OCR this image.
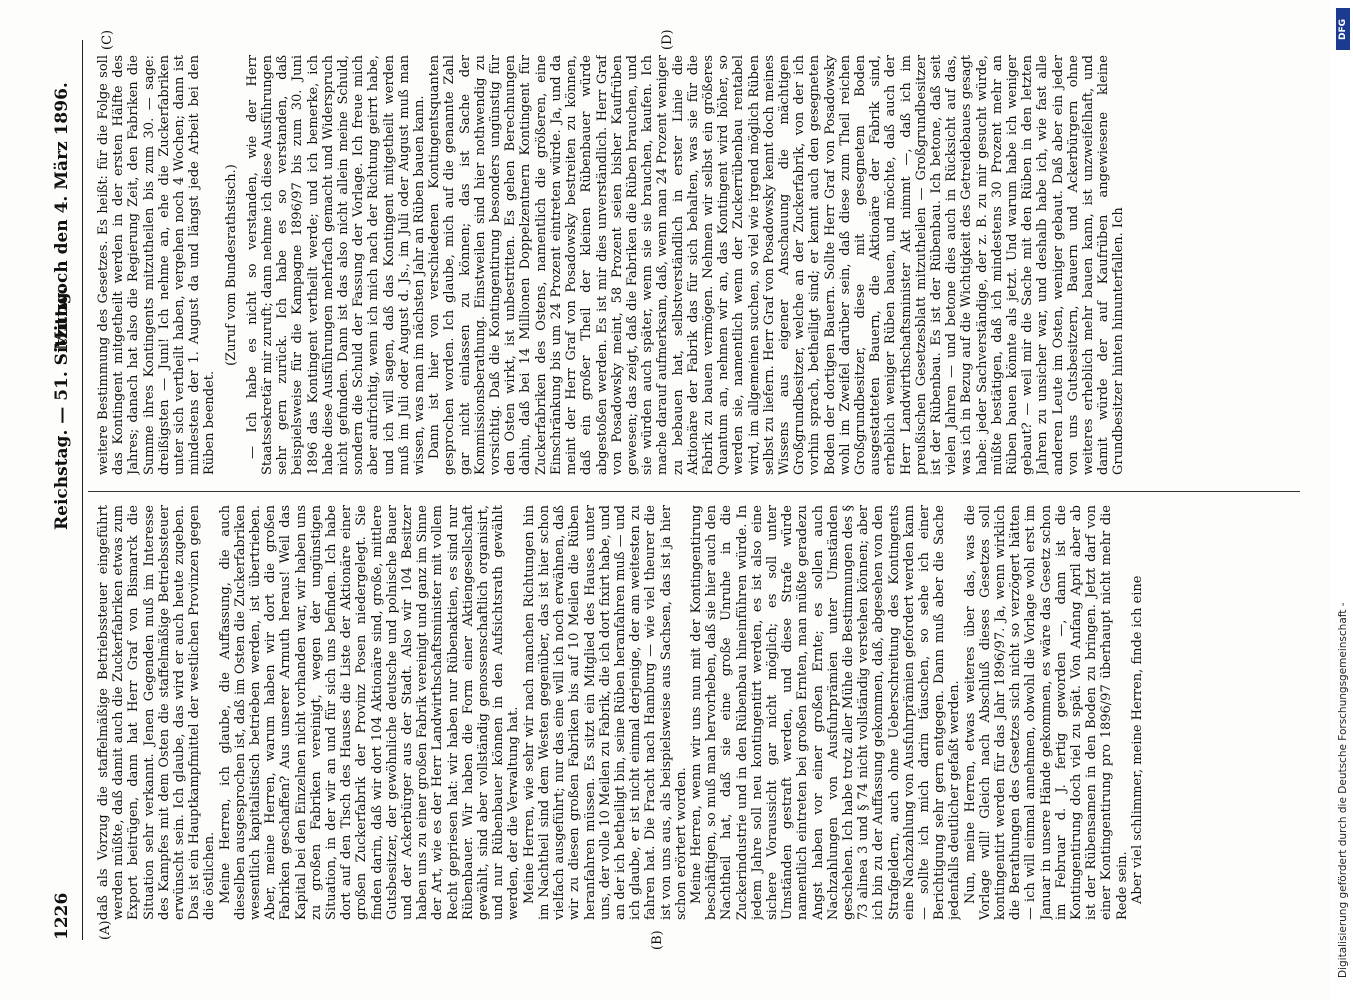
1226
Reichstag. — 51. Sitzung.
Mittwoch den 4. März 1896.
(A)
(B)
(C)	(D)

daß als Vorzug die staffelmäßige Betriebssteuer eingeführt werden müßte, daß damit auch die Zuckerfabriken etwas zum Export beitrügen, dann hat Herr Graf von Bismarck die Situation sehr verkannt. Jenen Gegenden muß im Interesse des Kampfes mit dem Osten die staffelmäßige Betriebssteuer erwünscht sein. Ich glaube, das wird er auch heute zugeben. Das ist ein Hauptkampfmittel der westlichen Provinzen gegen die östlichen. Meine Herren, ich glaube, die Auffassung, die auch dieselben ausgesprochen ist, daß im Osten die Zuckerfabriken wesentlich kapitalistisch betrieben werden, ist übertrieben. Aber, meine Herren, warum haben wir dort die großen Fabriken geschaffen? Aus unserer Armuth heraus! Weil das Kapital bei den Einzelnen nicht vorhanden war, wir haben uns zu großen Fabriken vereinigt, wegen der ungünstigen Situation, in der wir an und für sich uns befinden. Ich habe dort auf den Tisch des Hauses die Liste der Aktionäre einer großen Zuckerfabrik der Provinz Posen niedergelegt. Sie finden darin, daß wir dort 104 Aktionäre sind, große, mittlere Gutsbesitzer, der gewöhnliche deutsche und polnische Bauer und der Ackerbürger aus der Stadt. Also wir 104 Besitzer haben uns zu einer großen Fabrik vereinigt und ganz im Sinne der Art, wie es der Herr Landwirthschaftsminister mit vollem Recht gepriesen hat: wir haben nur Rübenaktien, es sind nur Rübenbauer. Wir haben die Form einer Aktiengesellschaft gewählt, sind aber vollständig genossenschaftlich organisirt, und nur Rübenbauer können in den Aufsichtsrath gewählt werden, der die Verwaltung hat. Meine Herren, wie sehr wir nach manchen Richtungen hin im Nachtheil sind dem Westen gegenüber, das ist hier schon vielfach ausgeführt; nur das eine will ich noch erwähnen, daß wir zu diesen großen Fabriken bis auf 10 Meilen die Rüben heranfahren müssen. Es sitzt ein Mitglied des Hauses unter uns, der volle 10 Meilen zu Fabrik, die ich dort fixirt habe, und an der ich betheiligt bin, seine Rüben heranfahren muß — und ich glaube, er ist nicht einmal derjenige, der am weitesten zu fahren hat. Die Fracht nach Hamburg — wie viel theurer die ist von uns aus, als beispielsweise aus Sachsen, das ist ja hier schon erörtert worden. Meine Herren, wenn wir uns nun mit der Kontingentirung beschäftigen, so muß man hervorheben, daß sie hier auch den Nachtheil hat, daß sie eine große Unruhe in die Zuckerindustrie und in den Rübenbau hineinführen würde. In jedem Jahre soll neu kontingentirt werden, es ist also eine sichere Voraussicht gar nicht möglich; es soll unter Umständen gestraft werden, und diese Strafe würde namentlich eintreten bei großen Ernten, man müßte geradezu Angst haben vor einer großen Ernte; es sollen auch Nachzahlungen von Ausfuhrprämien unter Umständen geschehen. Ich habe trotz aller Mühe die Bestimmungen des § 73 alinea 3 und § 74 nicht vollständig verstehen können; aber ich bin zu der Auffassung gekommen, daß, abgesehen von den Strafgeldern, auch ohne Ueberschreitung des Kontingents eine Nachzahlung von Ausfuhrprämien gefordert werden kann — sollte ich mich darin täuschen, so sehe ich einer Berichtigung sehr gern entgegen. Dann muß aber die Sache jedenfalls deutlicher gefaßt werden. Nun, meine Herren, etwas weiteres über das, was die Vorlage will! Gleich nach Abschluß dieses Gesetzes soll kontingentirt werden für das Jahr 1896/97. Ja, wenn wirklich die Berathungen des Gesetzes sich nicht so verzögert hätten — ich will einmal annehmen, obwohl die Vorlage wohl erst im Januar in unsere Hände gekommen, es wäre das Gesetz schon im Februar d. J. fertig geworden —, dann ist die Kontingentirung doch viel zu spät. Von Anfang April aber ab ist der Rübensamen in den Boden zu bringen. Jetzt darf von einer Kontingentirung pro 1896/97 überhaupt nicht mehr die Rede sein. Aber viel schlimmer, meine Herren, finde ich eine

weitere Bestimmung des Gesetzes. Es heißt: für die Folge soll das Kontingent mitgetheilt werden in der ersten Hälfte des Jahres; danach hat also die Regierung Zeit, den Fabriken die Summe ihres Kontingents mitzutheilen bis zum 30. — sage: dreißigsten — Juni! Ich nehme an, ehe die Zuckerfabriken unter sich vertheilt haben, vergehen noch 4 Wochen; dann ist mindestens der 1. August da und längst jede Arbeit bei den Rüben beendet.

(Zuruf vom Bundesrathstisch.) — Ich habe es nicht so verstanden, wie der Herr Staatssekretär mir zuruft; dann nehme ich diese Ausführungen sehr gern zurück. Ich habe es so verstanden, daß beispielsweise für die Kampagne 1896/97 bis zum 30. Juni 1896 das Kontingent vertheilt werde; und ich bemerke, ich habe diese Ausführungen mehrfach gemacht und Widerspruch nicht gefunden. Dann ist das also nicht allein meine Schuld, sondern die Schuld der Fassung der Vorlage. Ich freue mich aber aufrichtig, wenn ich mich nach der Richtung geirrt habe, und ich will sagen, daß das Kontingent mitgetheilt werden muß im Juli oder August d. Js., im Juli oder August muß man wissen, was man im nächsten Jahr an Rüben bauen kann. Dann ist hier von verschiedenen Kontingentsquanten gesprochen worden. Ich glaube, mich auf die genannte Zahl gar nicht einlassen zu können; das ist Sache der Kommissionsberathung. Einstweilen sind hier nothwendig zu vorsichtig. Daß die Kontingentirung besonders ungünstig für den Osten wirkt, ist unbestritten. Es gehen Berechnungen dahin, daß bei 14 Millionen Doppelzentnern Kontingent für Zuckerfabriken des Ostens, namentlich die größeren, eine Einschränkung bis um 24 Prozent eintreten würde. Ja, und da meint der Herr Graf von Posadowsky bestreiten zu können, daß ein großer Theil der kleinen Rübenbauer würde abgestoßen werden. Es ist mir dies unverständlich. Herr Graf von Posadowsky meint, 58 Prozent seien bisher Kaufrüben gewesen; das zeigt, daß die Fabriken die Rüben brauchen, und sie würden auch später, wenn sie sie brauchen, kaufen. Ich mache darauf aufmerksam, daß, wenn man 24 Prozent weniger zu bebauen hat, selbstverständlich in erster Linie die Aktionäre der Fabrik das für sich behalten, was sie für die Fabrik zu bauen vermögen. Nehmen wir selbst ein größeres Quantum an, nehmen wir an, das Kontingent wird höher, so werden sie, namentlich wenn der Zuckerrübenbau rentabel wird, im allgemeinen suchen, so viel wie irgend möglich Rüben selbst zu liefern. Herr Graf von Posadowsky kennt doch meines Wissens aus eigener Anschauung die mächtigen Großgrundbesitzer, welche an der Zuckerfabrik, von der ich vorhin sprach, betheiligt sind; er kennt auch den gesegneten Boden der dortigen Bauern. Sollte Herr Graf von Posadowsky wohl im Zweifel darüber sein, daß diese zum Theil reichen Großgrundbesitzer, diese mit gesegnetem Boden ausgestatteten Bauern, die Aktionäre der Fabrik sind, erheblich weniger Rüben bauen, und möchte, daß auch der Herr Landwirthschaftsminister Akt nimmt —, daß ich im preußischen Gesetzesblatt mitzutheilen — Großgrundbesitzer ist der Rübenbau. Es ist der Rübenbau. Ich betone, daß seit vielen Jahren — und betone dies auch in Rücksicht auf das, was ich in Bezug auf die Wichtigkeit des Getreidebaues gesagt habe: jeder Sachverständige, der z. B. zu mir gesucht würde, müßte bestätigen, daß ich mindestens 30 Prozent mehr an Rüben bauen könnte als jetzt. Und warum habe ich weniger gebaut? — weil mir die Sache mit den Rüben in den letzten Jahren zu unsicher war, und deshalb habe ich, wie fast alle anderen Leute im Osten, weniger gebaut. Daß aber ein jeder von uns Gutsbesitzern, Bauern und Ackerbürgern ohne weiteres erheblich mehr bauen kann, ist unzweifelhaft, und damit würde der auf Kaufrüben angewiesene kleine Grundbesitzer hinten hinunterfallen. Ich

DFG
Digitalisierung gefördert durch die Deutsche Forschungsgemeinschaft -
